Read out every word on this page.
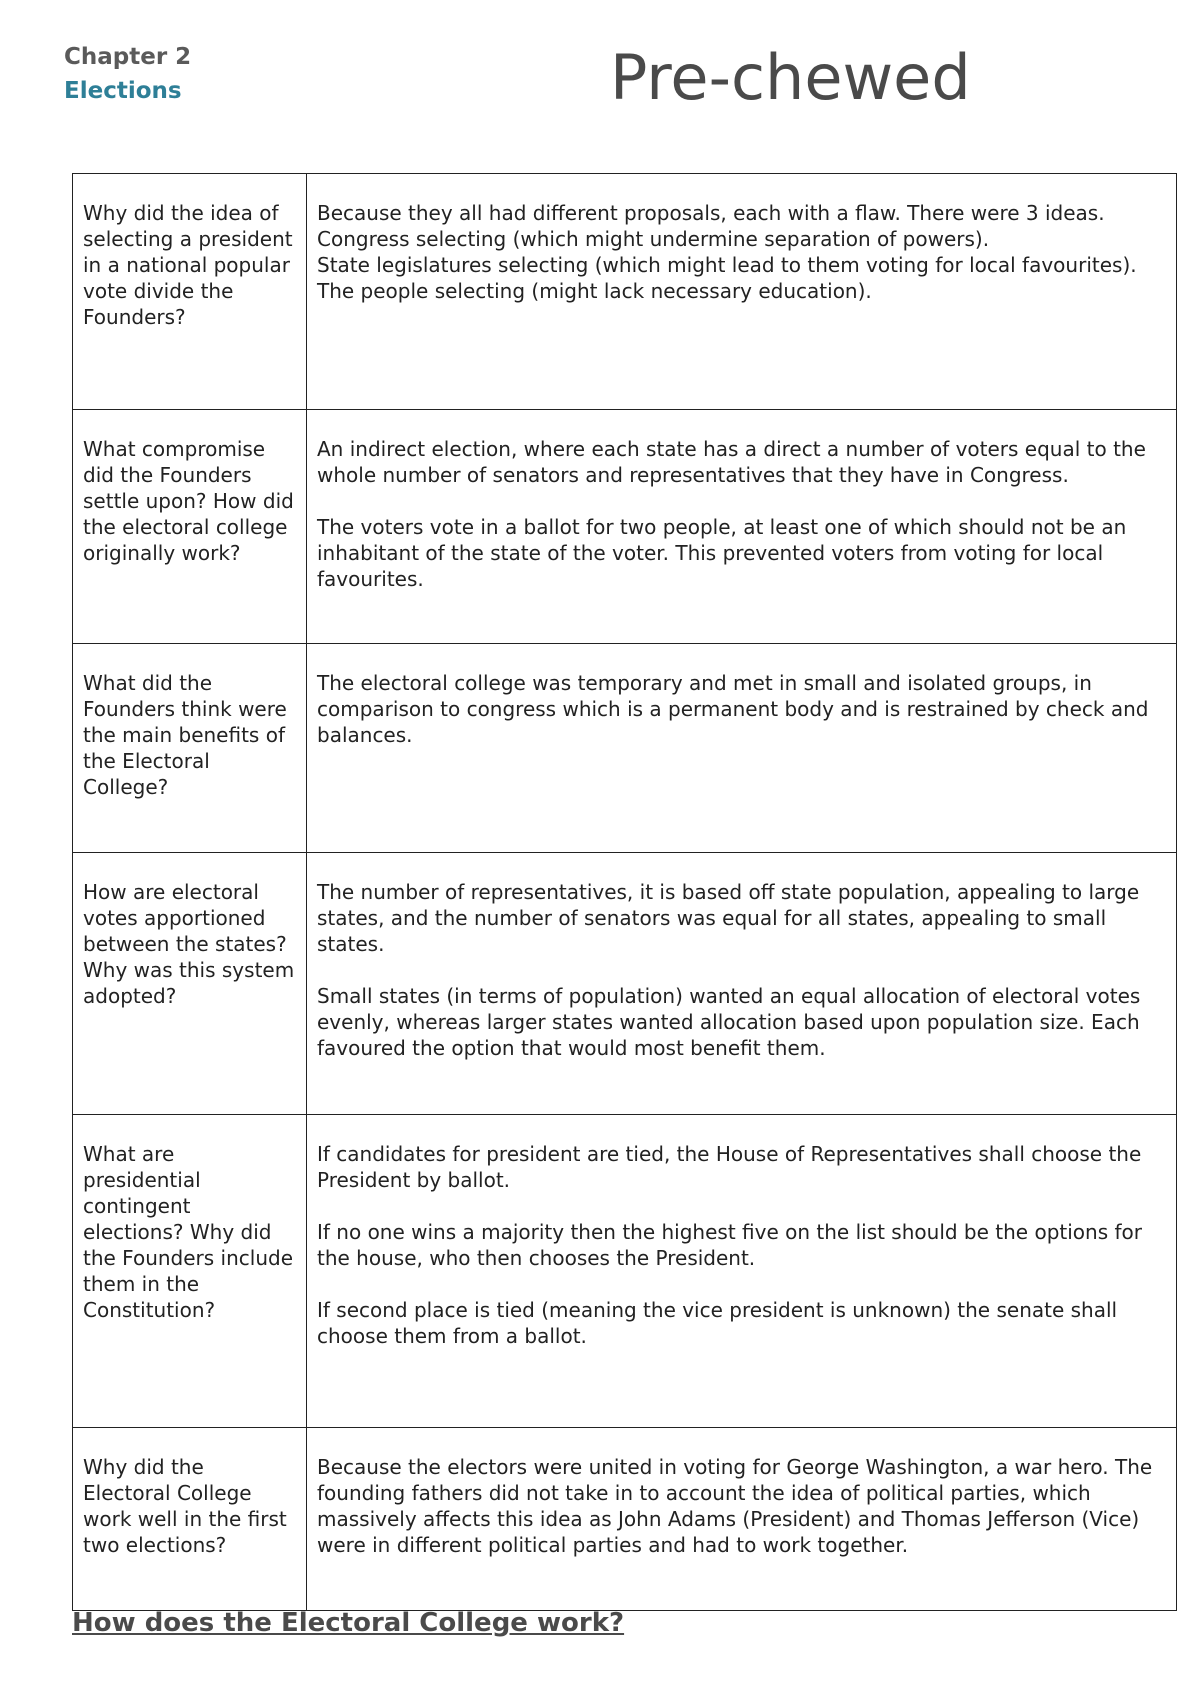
Chapter 2
Elections	Pre-chewed
Why did the idea of selecting a president in a national popular vote divide the Founders?	Because they all had different proposals, each with a flaw. There were 3 ideas.
Congress selecting (which might undermine separation of powers).
State legislatures selecting (which might lead to them voting for local favourites).
The people selecting (might lack necessary education).

What compromise did the Founders settle upon? How did the electoral college originally work?	An indirect election, where each state has a direct a number of voters equal to the whole number of senators and representatives that they have in Congress.
The voters vote in a ballot for two people, at least one of which should not be an inhabitant of the state of the voter. This prevented voters from voting for local favourites.

What did the Founders think were the main benefits of the Electoral College?	The electoral college was temporary and met in small and isolated groups, in comparison to congress which is a permanent body and is restrained by check and balances.

How are electoral votes apportioned between the states? Why was this system adopted?	The number of representatives, it is based off state population, appealing to large states, and the number of senators was equal for all states, appealing to small states.
Small states (in terms of population) wanted an equal allocation of electoral votes evenly, whereas larger states wanted allocation based upon population size. Each favoured the option that would most benefit them.

What are presidential contingent elections? Why did the Founders include them in the Constitution?	If candidates for president are tied, the House of Representatives shall choose the President by ballot.
If no one wins a majority then the highest five on the list should be the options for the house, who then chooses the President.
If second place is tied (meaning the vice president is unknown) the senate shall choose them from a ballot.

Why did the Electoral College work well in the first two elections?	Because the electors were united in voting for George Washington, a war hero. The founding fathers did not take in to account the idea of political parties, which massively affects this idea as John Adams (President) and Thomas Jefferson (Vice) were in different political parties and had to work together.
How does the Electoral College work?
